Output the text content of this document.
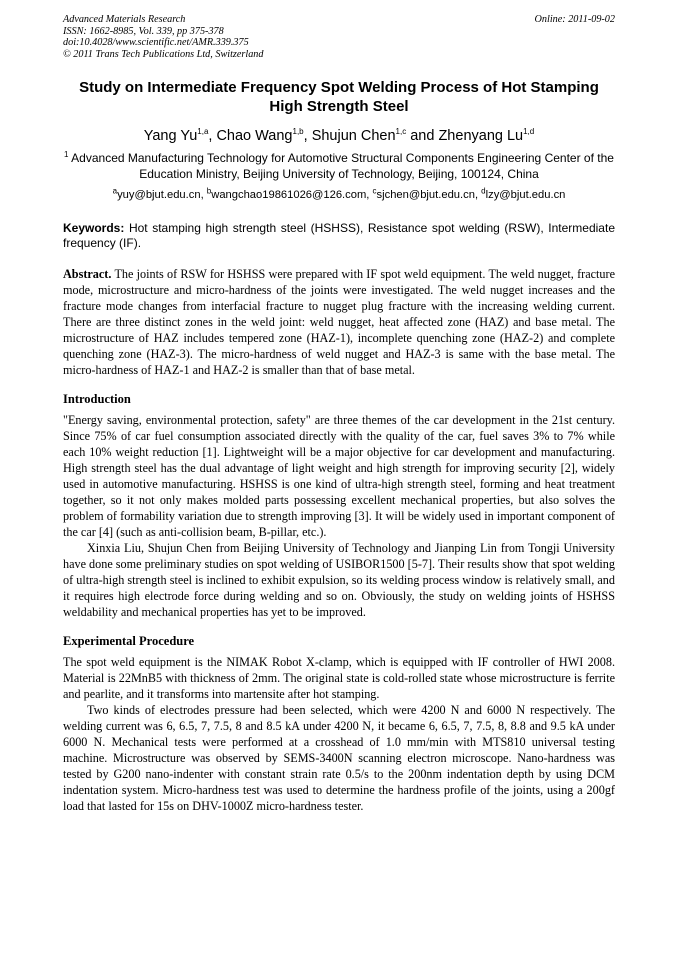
Advanced Materials Research
ISSN: 1662-8985, Vol. 339, pp 375-378
doi:10.4028/www.scientific.net/AMR.339.375
© 2011 Trans Tech Publications Ltd, Switzerland
Online: 2011-09-02
Study on Intermediate Frequency Spot Welding Process of Hot Stamping High Strength Steel
Yang Yu$^{1,a}$, Chao Wang$^{1,b}$, Shujun Chen$^{1,c}$ and Zhenyang Lu$^{1,d}$
$^1$ Advanced Manufacturing Technology for Automotive Structural Components Engineering Center of the Education Ministry, Beijing University of Technology, Beijing, 100124, China
$^a$yuy@bjut.edu.cn, $^b$wangchao19861026@126.com, $^c$sjchen@bjut.edu.cn, $^d$lzy@bjut.edu.cn
Keywords: Hot stamping high strength steel (HSHSS), Resistance spot welding (RSW), Intermediate frequency (IF).

Abstract. The joints of RSW for HSHSS were prepared with IF spot weld equipment. The weld nugget, fracture mode, microstructure and micro-hardness of the joints were investigated. The weld nugget increases and the fracture mode changes from interfacial fracture to nugget plug fracture with the increasing welding current. There are three distinct zones in the weld joint: weld nugget, heat affected zone (HAZ) and base metal. The microstructure of HAZ includes tempered zone (HAZ-1), incomplete quenching zone (HAZ-2) and complete quenching zone (HAZ-3). The micro-hardness of weld nugget and HAZ-3 is same with the base metal. The micro-hardness of HAZ-1 and HAZ-2 is smaller than that of base metal.

Introduction

"Energy saving, environmental protection, safety" are three themes of the car development in the 21st century. Since 75% of car fuel consumption associated directly with the quality of the car, fuel saves 3% to 7% while each 10% weight reduction [1]. Lightweight will be a major objective for car development and manufacturing. High strength steel has the dual advantage of light weight and high strength for improving security [2], widely used in automotive manufacturing. HSHSS is one kind of ultra-high strength steel, forming and heat treatment together, so it not only makes molded parts possessing excellent mechanical properties, but also solves the problem of formability variation due to strength improving [3]. It will be widely used in important component of the car [4] (such as anti-collision beam, B-pillar, etc.).

Xinxia Liu, Shujun Chen from Beijing University of Technology and Jianping Lin from Tongji University have done some preliminary studies on spot welding of USIBOR1500 [5-7]. Their results show that spot welding of ultra-high strength steel is inclined to exhibit expulsion, so its welding process window is relatively small, and it requires high electrode force during welding and so on. Obviously, the study on welding joints of HSHSS weldability and mechanical properties has yet to be improved.

Experimental Procedure

The spot weld equipment is the NIMAK Robot X-clamp, which is equipped with IF controller of HWI 2008. Material is 22MnB5 with thickness of 2mm. The original state is cold-rolled state whose microstructure is ferrite and pearlite, and it transforms into martensite after hot stamping.

Two kinds of electrodes pressure had been selected, which were 4200 N and 6000 N respectively. The welding current was 6, 6.5, 7, 7.5, 8 and 8.5 kA under 4200 N, it became 6, 6.5, 7, 7.5, 8, 8.8 and 9.5 kA under 6000 N. Mechanical tests were performed at a crosshead of 1.0 mm/min with MTS810 universal testing machine. Microstructure was observed by SEMS-3400N scanning electron microscope. Nano-hardness was tested by G200 nano-indenter with constant strain rate 0.5/s to the 200nm indentation depth by using DCM indentation system. Micro-hardness test was used to determine the hardness profile of the joints, using a 200gf load that lasted for 15s on DHV-1000Z micro-hardness tester.
